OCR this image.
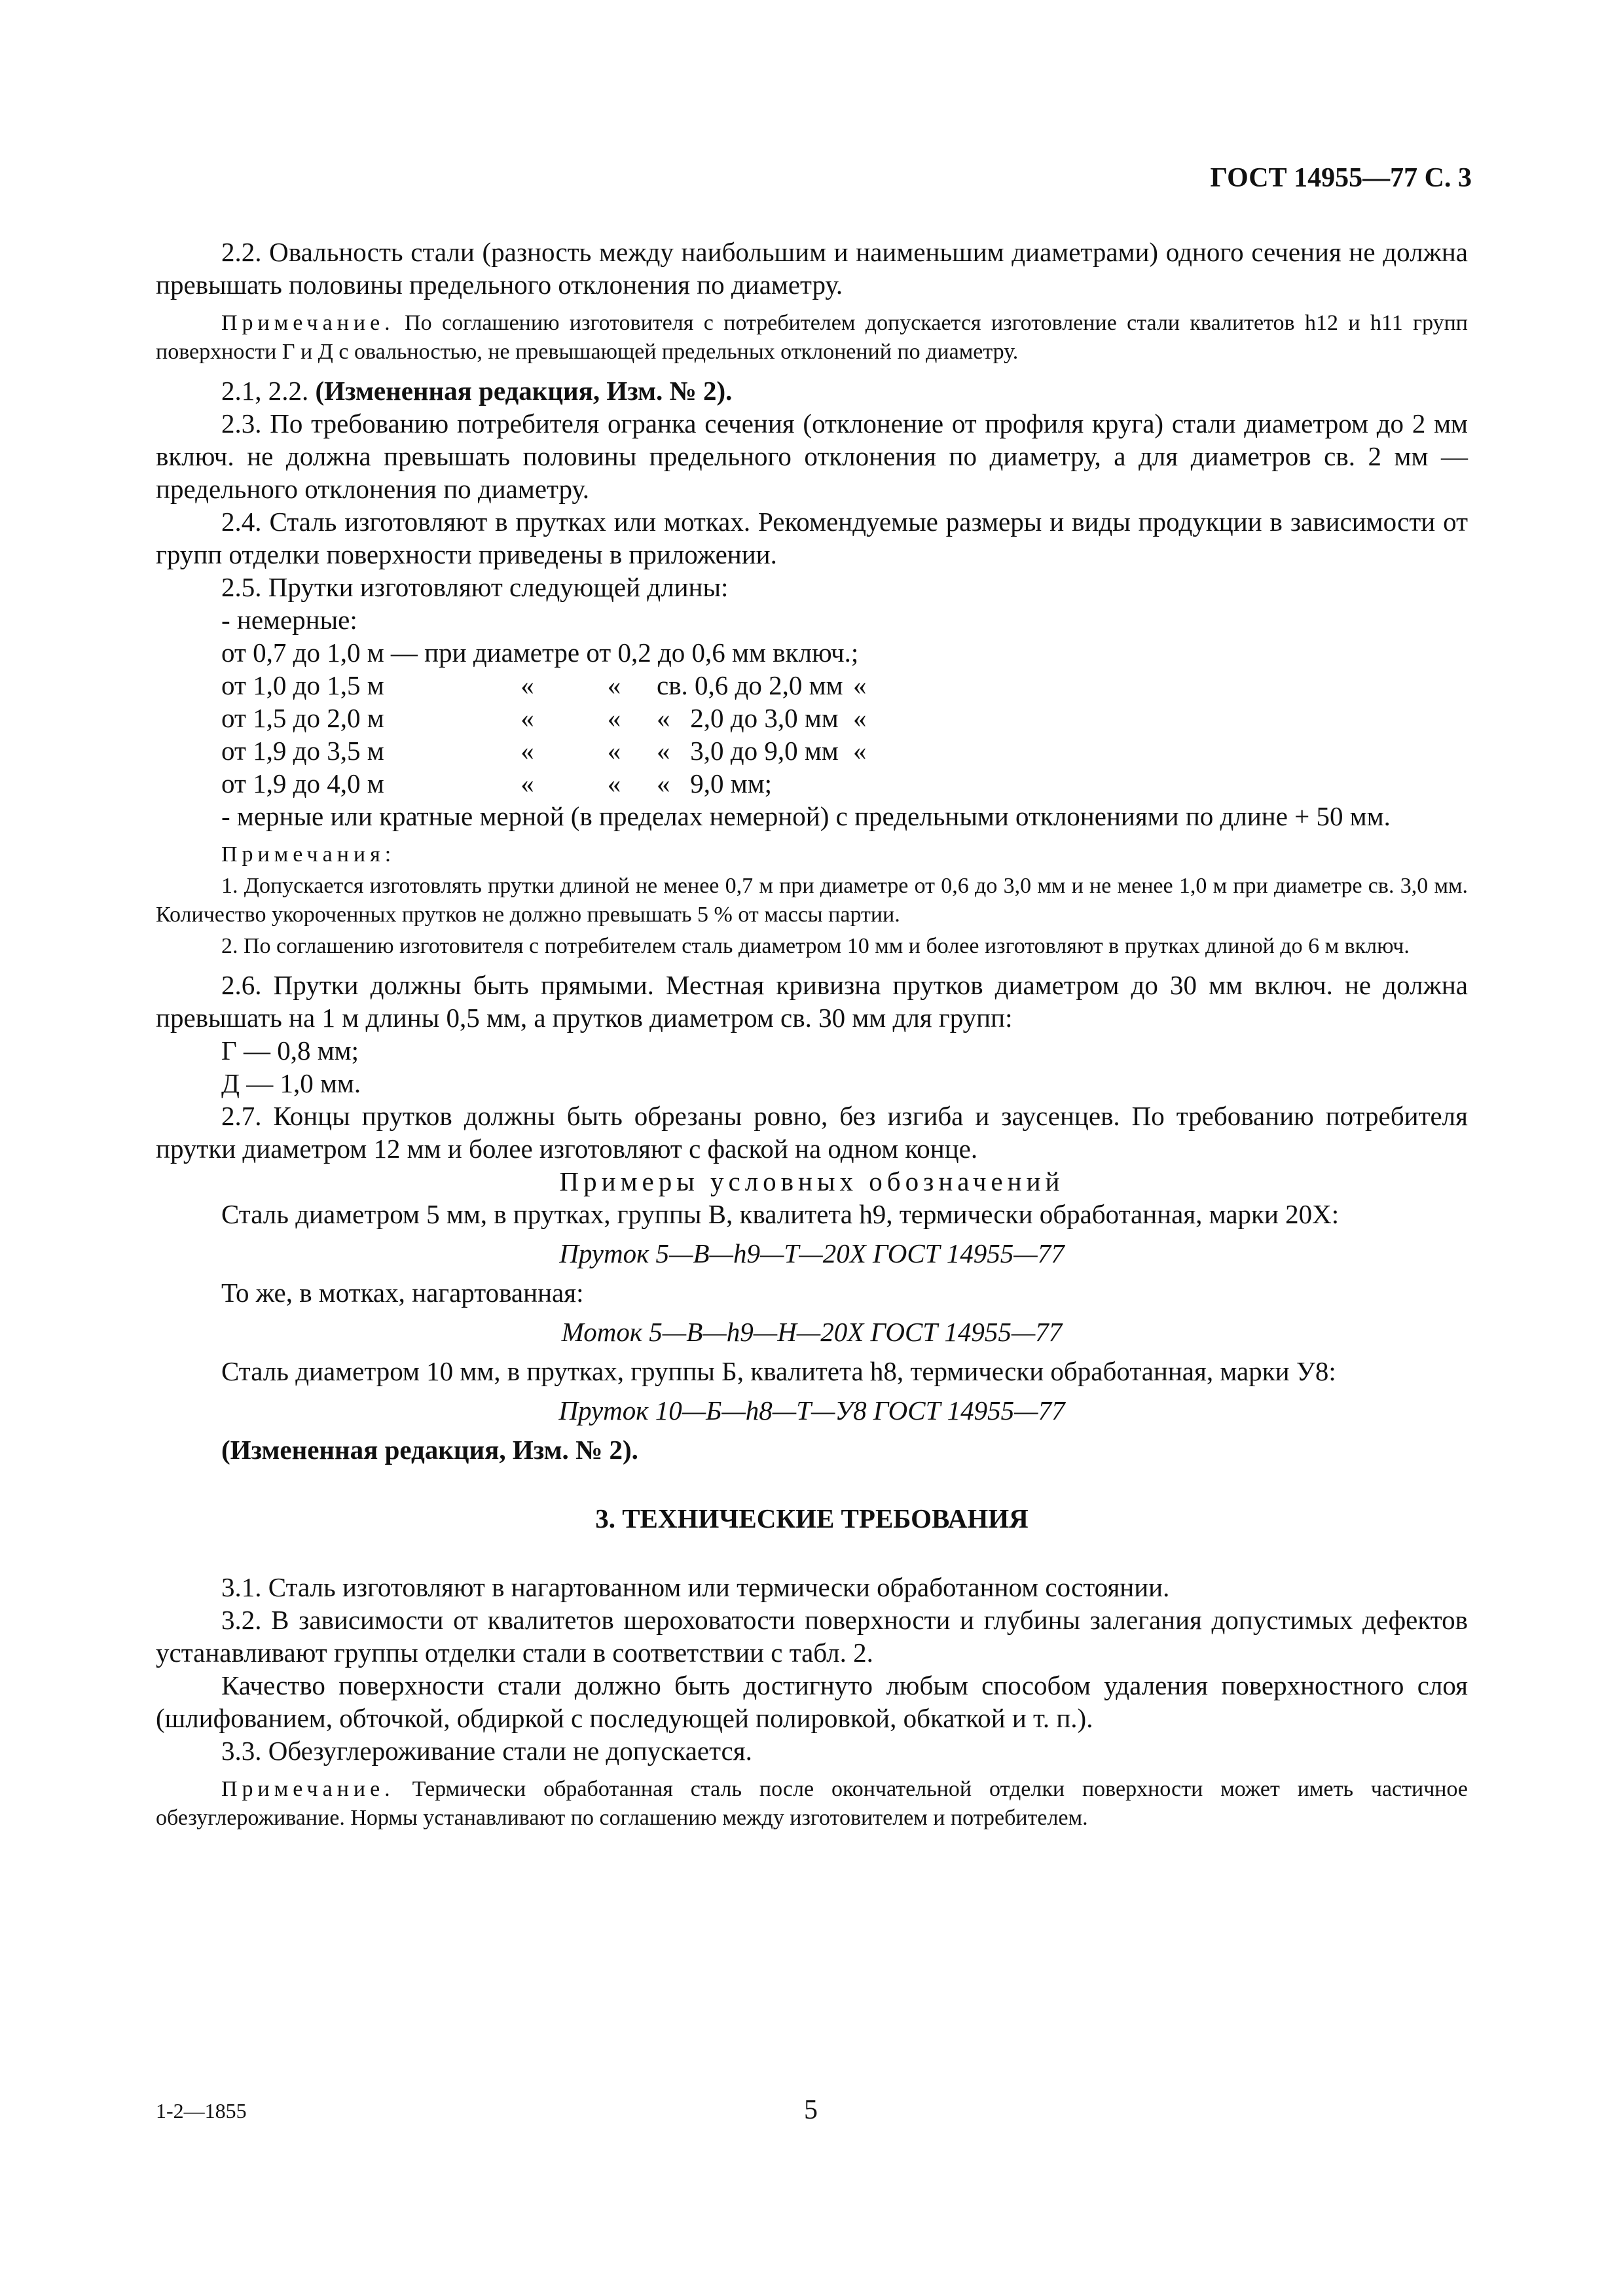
ГОСТ 14955—77 С. 3

2.2. Овальность стали (разность между наибольшим и наименьшим диаметрами) одного сечения не должна превышать половины предельного отклонения по диаметру.

Примечание. По соглашению изготовителя с потребителем допускается изготовление стали квалитетов h12 и h11 групп поверхности Г и Д с овальностью, не превышающей предельных отклонений по диаметру.

2.1, 2.2. (Измененная редакция, Изм. № 2).

2.3. По требованию потребителя огранка сечения (отклонение от профиля круга) стали диаметром до 2 мм включ. не должна превышать половины предельного отклонения по диаметру, а для диаметров св. 2 мм — предельного отклонения по диаметру.

2.4. Сталь изготовляют в прутках или мотках. Рекомендуемые размеры и виды продукции в зависимости от групп отделки поверхности приведены в приложении.

2.5. Прутки изготовляют следующей длины:

- немерные:

от 0,7 до 1,0 м — при диаметре от 0,2 до 0,6 мм включ.;

от 1,0 до 1,5 м	«	«	св. 0,6 до 2,0 мм «
от 1,5 до 2,0 м	«	«	«   2,0 до 3,0 мм «
от 1,9 до 3,5 м	«	«	«   3,0 до 9,0 мм «
от 1,9 до 4,0 м	«	«	«   9,0 мм;

- мерные или кратные мерной (в пределах немерной) с предельными отклонениями по длине + 50 мм.

Примечания:

1. Допускается изготовлять прутки длиной не менее 0,7 м при диаметре от 0,6 до 3,0 мм и не менее 1,0 м при диаметре св. 3,0 мм. Количество укороченных прутков не должно превышать 5 % от массы партии.

2. По соглашению изготовителя с потребителем сталь диаметром 10 мм и более изготовляют в прутках длиной до 6 м включ.

2.6. Прутки должны быть прямыми. Местная кривизна прутков диаметром до 30 мм включ. не должна превышать на 1 м длины 0,5 мм, а прутков диаметром св. 30 мм для групп:

Г — 0,8 мм;

Д — 1,0 мм.

2.7. Концы прутков должны быть обрезаны ровно, без изгиба и заусенцев. По требованию потребителя прутки диаметром 12 мм и более изготовляют с фаской на одном конце.

Примеры условных обозначений

Сталь диаметром 5 мм, в прутках, группы В, квалитета h9, термически обработанная, марки 20Х:

Пруток 5—В—h9—Т—20Х ГОСТ 14955—77

То же, в мотках, нагартованная:

Моток 5—В—h9—Н—20Х ГОСТ 14955—77

Сталь диаметром 10 мм, в прутках, группы Б, квалитета h8, термически обработанная, марки У8:

Пруток 10—Б—h8—Т—У8 ГОСТ 14955—77

(Измененная редакция, Изм. № 2).

3. ТЕХНИЧЕСКИЕ ТРЕБОВАНИЯ

3.1. Сталь изготовляют в нагартованном или термически обработанном состоянии.

3.2. В зависимости от квалитетов шероховатости поверхности и глубины залегания допустимых дефектов устанавливают группы отделки стали в соответствии с табл. 2.

Качество поверхности стали должно быть достигнуто любым способом удаления поверхностного слоя (шлифованием, обточкой, обдиркой с последующей полировкой, обкаткой и т. п.).

3.3. Обезуглероживание стали не допускается.

Примечание. Термически обработанная сталь после окончательной отделки поверхности может иметь частичное обезуглероживание. Нормы устанавливают по соглашению между изготовителем и потребителем.

1-2—1855	5
